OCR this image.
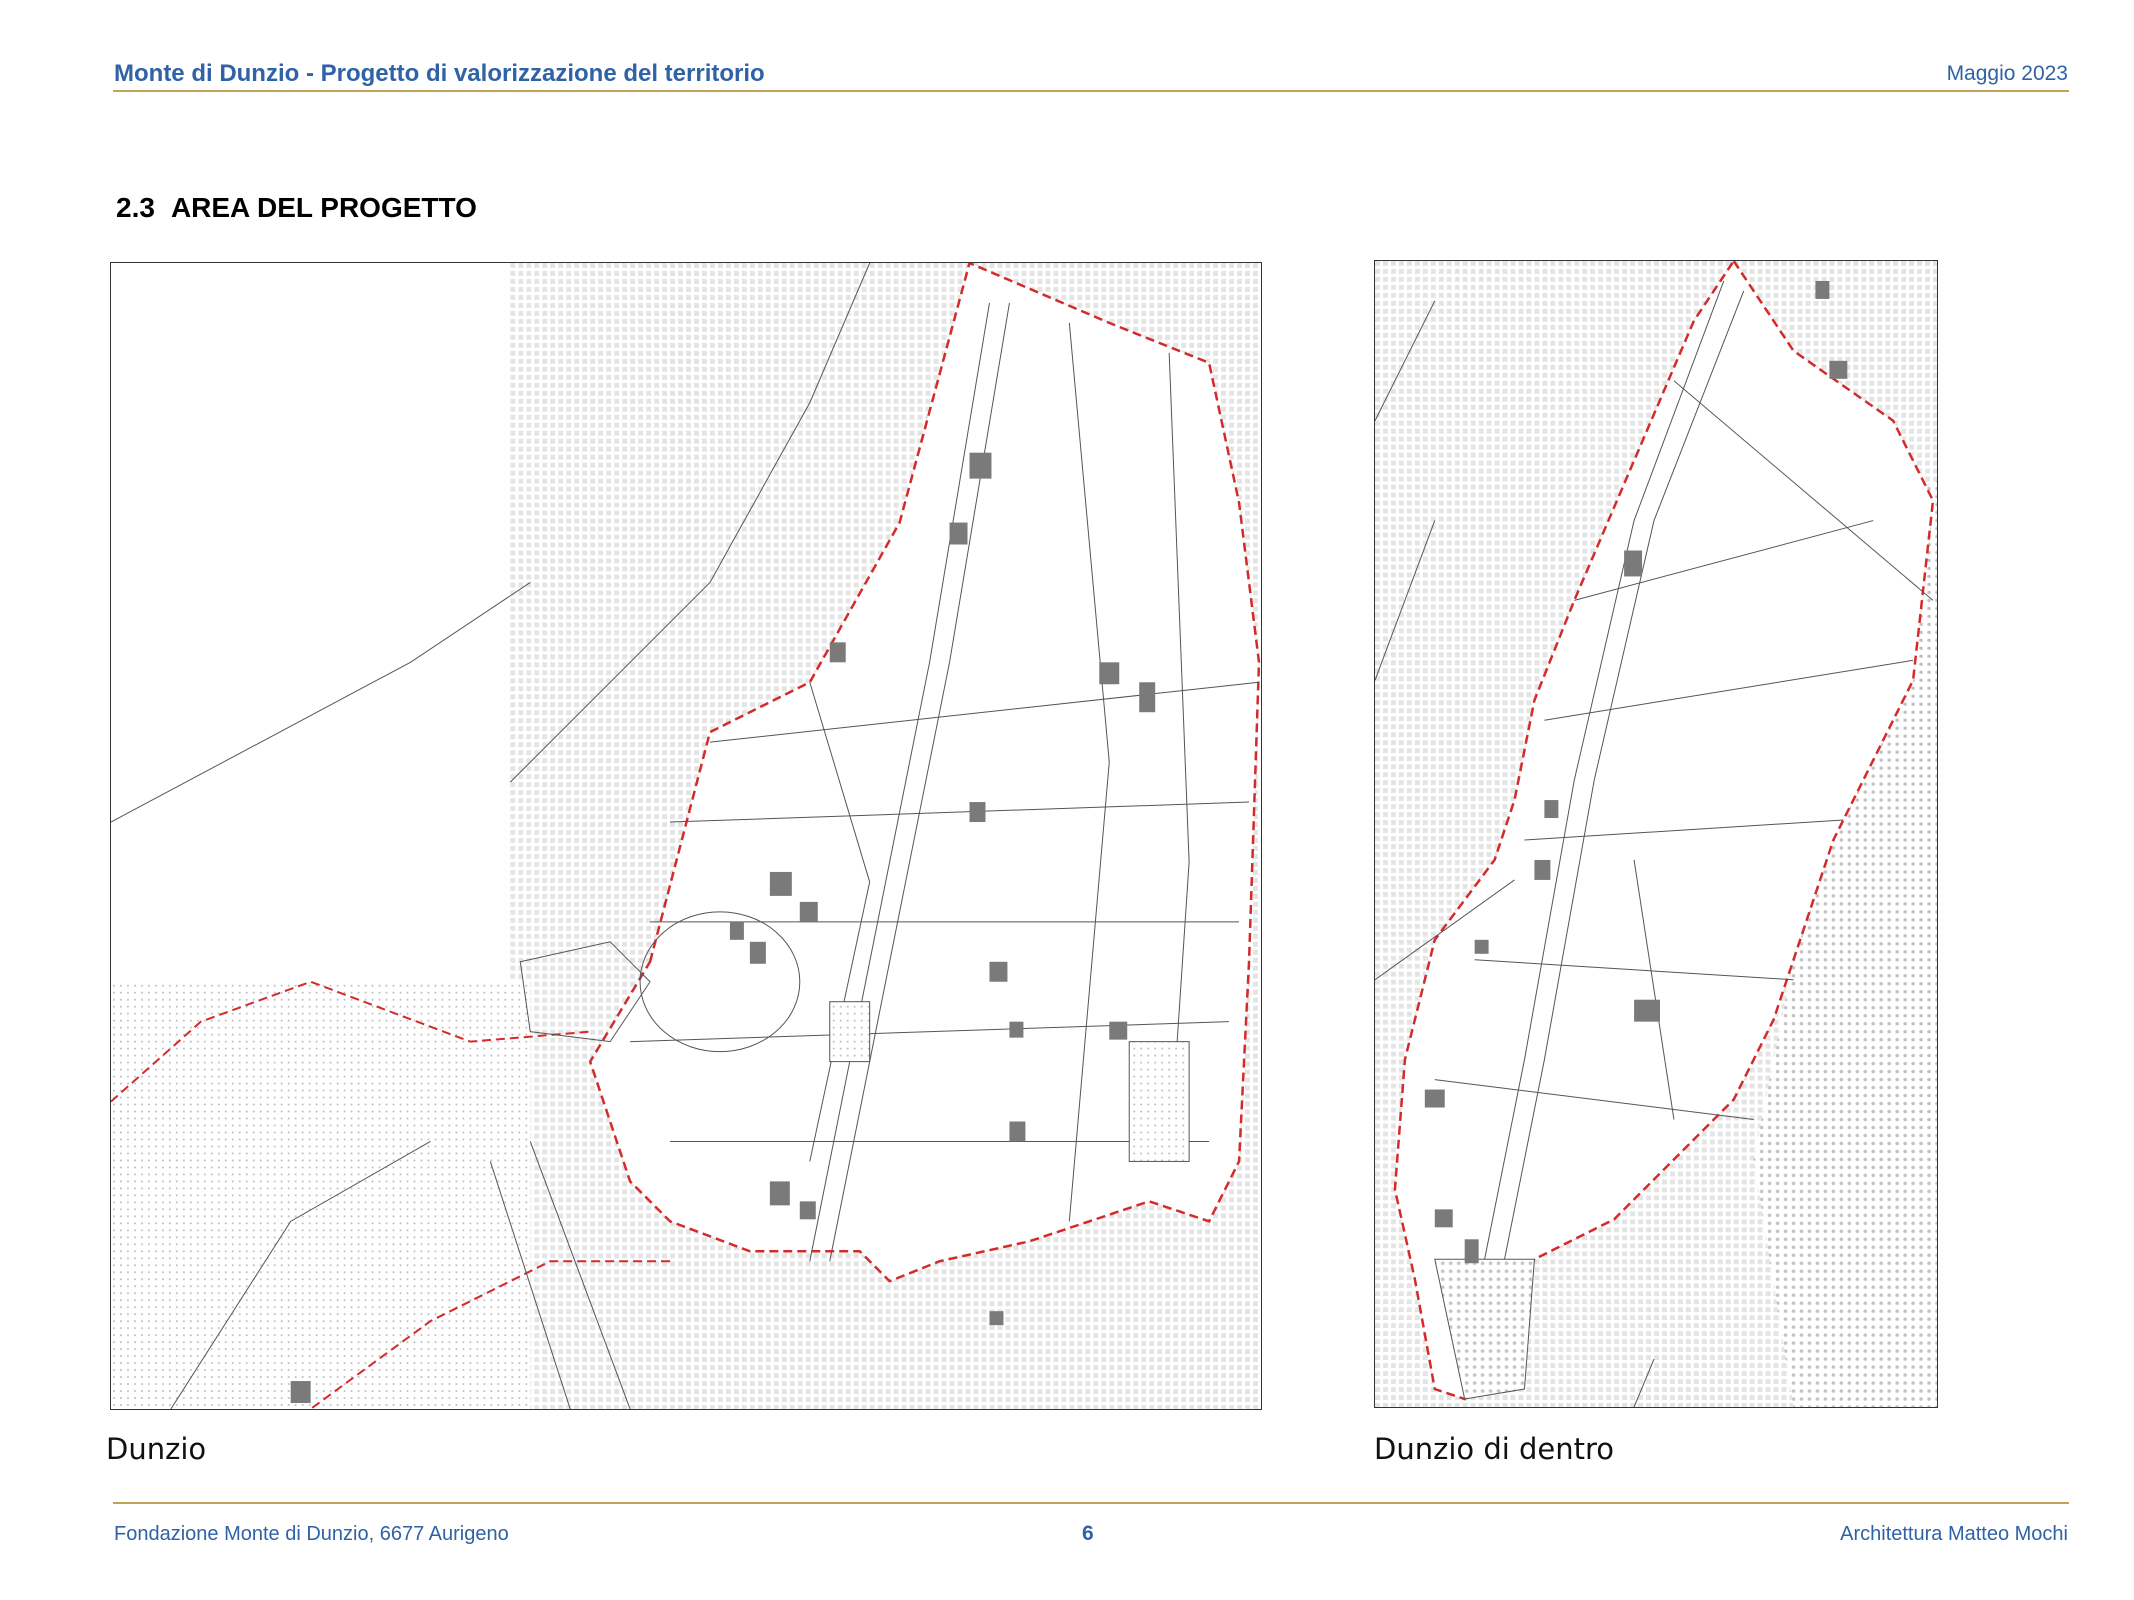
Monte di Dunzio - Progetto di valorizzazione del territorio	Maggio 2023
2.3 AREA DEL PROGETTO
Dunzio	Dunzio di dentro
Fondazione Monte di Dunzio, 6677 Aurigeno	6	Architettura Matteo Mochi
